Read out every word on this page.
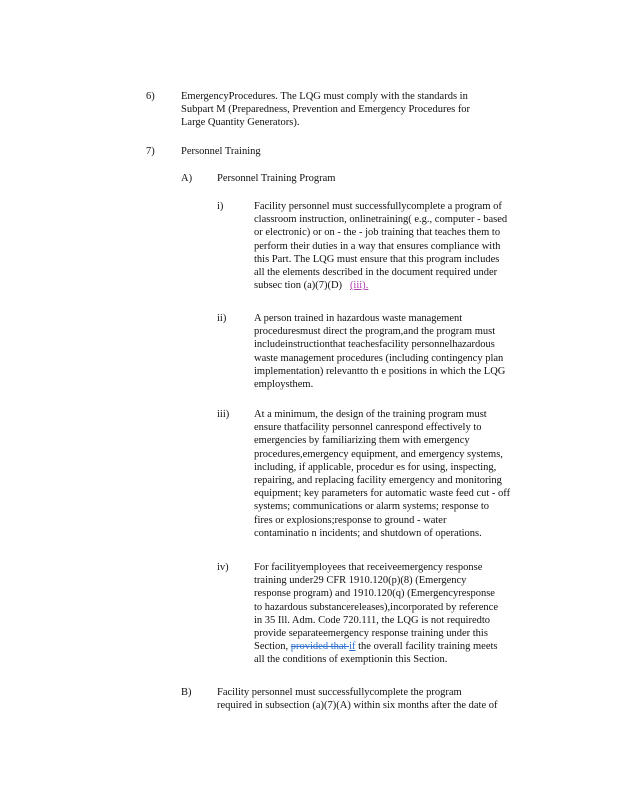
6)	EmergencyProcedures. The LQG must comply with the standards in
Subpart M (Preparedness, Prevention and Emergency Procedures for
Large Quantity Generators).
7)	Personnel Training
A) Personnel Training Program
i)	Facility personnel must successfullycomplete a program of
classroom instruction, onlinetraining( e.g., computer - based
or electronic) or on - the - job training that teaches them to
perform their duties in a way that ensures compliance with
this Part. The LQG must ensure that this program includes
all the elements described in the document required under
subsec tion (a)(7)(D) (iii).
ii)	A person trained in hazardous waste management
proceduresmust direct the program,and the program must
includeinstructionthat teachesfacility personnelhazardous
waste management procedures (including contingency plan
implementation) relevantto th e positions in which the LQG
employsthem.
iii) At a minimum, the design of the training program must
ensure thatfacility personnel canrespond effectively to
emergencies by familiarizing them with emergency
procedures,emergency equipment, and emergency systems,
including, if applicable, procedur es for using, inspecting,
repairing, and replacing facility emergency and monitoring
equipment; key parameters for automatic waste feed cut - off
systems; communications or alarm systems; response to
fires or explosions;response to ground - water
contaminatio n incidents; and shutdown of operations.
iv) For facilityemployees that receiveemergency response
training under29 CFR 1910.120(p)(8) (Emergency
response program) and 1910.120(q) (Emergencyresponse
to hazardous substancereleases),incorporated by reference
in 35 Ill. Adm. Code 720.111, the LQG is not requiredto
provide separateemergency response training under this
Section, provided that if the overall facility training meets
all the conditions of exemptionin this Section.
B) Facility personnel must successfullycomplete the program
required in subsection (a)(7)(A) within six months after the date of
